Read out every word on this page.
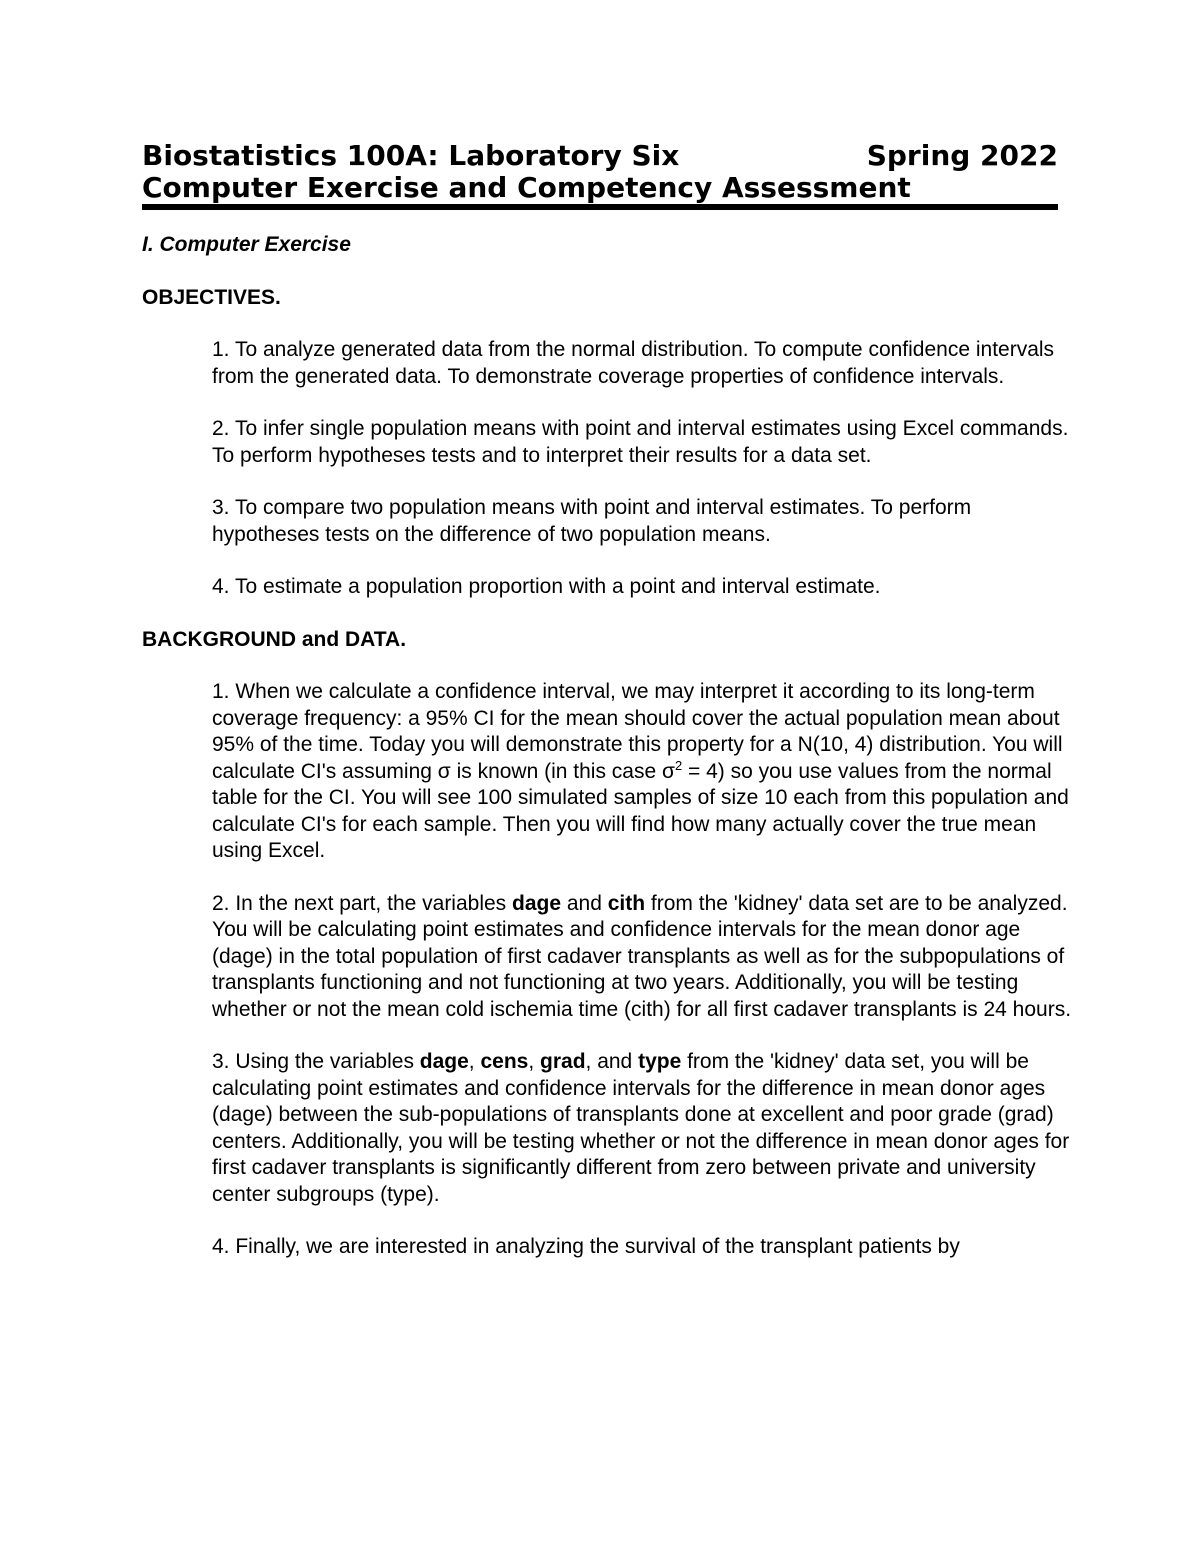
Biostatistics 100A: Laboratory Six	Spring 2022
Computer Exercise and Competency Assessment
I. Computer Exercise
OBJECTIVES.
1. To analyze generated data from the normal distribution. To compute confidence intervals from the generated data. To demonstrate coverage properties of confidence intervals.
2. To infer single population means with point and interval estimates using Excel commands. To perform hypotheses tests and to interpret their results for a data set.
3. To compare two population means with point and interval estimates. To perform hypotheses tests on the difference of two population means.
4. To estimate a population proportion with a point and interval estimate.
BACKGROUND and DATA.
1. When we calculate a confidence interval, we may interpret it according to its long-term coverage frequency: a 95% CI for the mean should cover the actual population mean about 95% of the time. Today you will demonstrate this property for a N(10, 4) distribution. You will calculate CI's assuming σ is known (in this case $\sigma^2 = 4$) so you use values from the normal table for the CI. You will see 100 simulated samples of size 10 each from this population and calculate CI's for each sample. Then you will find how many actually cover the true mean using Excel.
2. In the next part, the variables dage and cith from the 'kidney' data set are to be analyzed. You will be calculating point estimates and confidence intervals for the mean donor age (dage) in the total population of first cadaver transplants as well as for the subpopulations of transplants functioning and not functioning at two years. Additionally, you will be testing whether or not the mean cold ischemia time (cith) for all first cadaver transplants is 24 hours.
3. Using the variables dage, cens, grad, and type from the 'kidney' data set, you will be calculating point estimates and confidence intervals for the difference in mean donor ages (dage) between the sub-populations of transplants done at excellent and poor grade (grad) centers. Additionally, you will be testing whether or not the difference in mean donor ages for first cadaver transplants is significantly different from zero between private and university center subgroups (type).
4. Finally, we are interested in analyzing the survival of the transplant patients by
